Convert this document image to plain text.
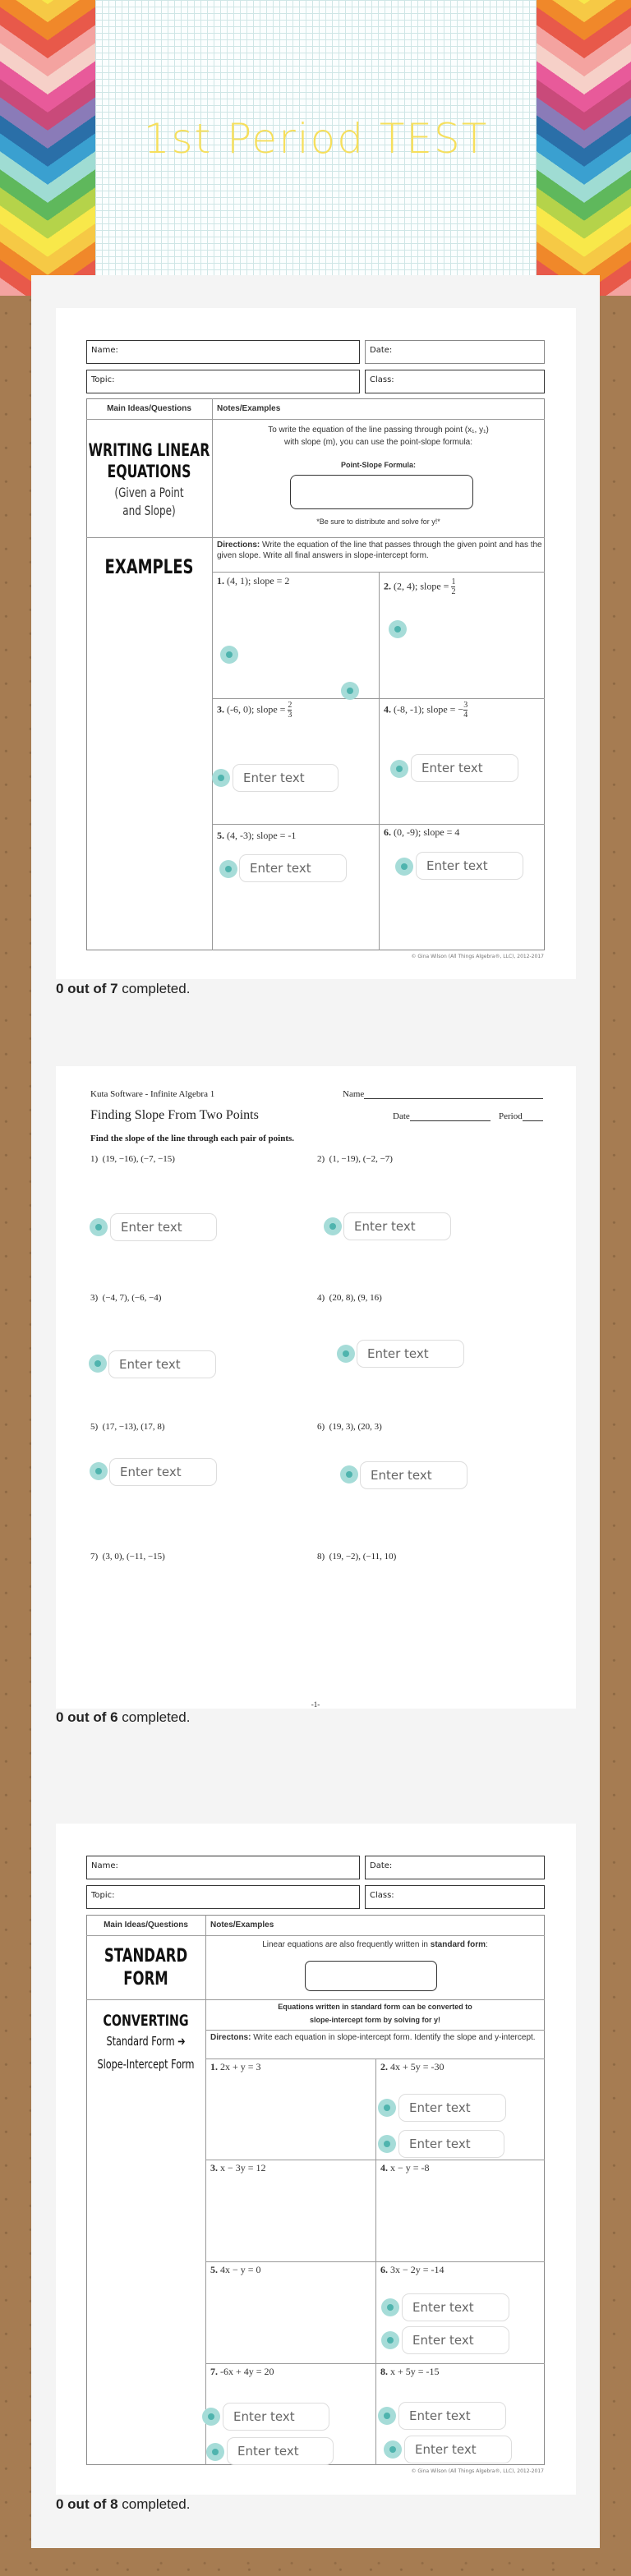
1st Period TEST
Name:	Date:
Topic:	Class:
Main Ideas/Questions	Notes/Examples
WRITING LINEAR
EQUATIONS
(Given a Point
and Slope)
To write the equation of the line passing through point (x₁, y₁)
with slope (m), you can use the point-slope formula:
Point-Slope Formula:
*Be sure to distribute and solve for y!*
EXAMPLES
Directions: Write the equation of the line that passes through the given point and has the given slope. Write all final answers in slope-intercept form.
1. (4, 1); slope = 2	2. (2, 4); slope = $\frac{1}{2}$
3. (-6, 0); slope = $\frac{2}{3}$	4. (-8, -1); slope = − $\frac{3}{4}$
5. (4, -3); slope = -1	6. (0, -9); slope = 4
Enter text
Enter text
Enter text	Enter text
© Gina Wilson (All Things Algebra®, LLC), 2012-2017
0 out of 7 completed.
Kuta Software - Infinite Algebra 1	Name
Finding Slope From Two Points	Date	Period
Find the slope of the line through each pair of points.
1) (19, −16), (−7, −15)	2) (1, −19), (−2, −7)
3) (−4, 7), (−6, −4)	4) (20, 8), (9, 16)
5) (17, −13), (17, 8)	6) (19, 3), (20, 3)
7) (3, 0), (−11, −15)	8) (19, −2), (−11, 10)
Enter text	Enter text
Enter text
Enter text
Enter text	Enter text
-1-
0 out of 6 completed.
Name:	Date:
Topic:	Class:
Main Ideas/Questions	Notes/Examples
STANDARD
FORM
Linear equations are also frequently written in standard form:
CONVERTING
Standard Form ➔
Slope-Intercept Form
Equations written in standard form can be converted to
slope-intercept form by solving for y!
Directons: Write each equation in slope-intercept form. Identify the slope and y-intercept.
1. 2x + y = 3	2. 4x + 5y = -30
3. x − 3y = 12	4. x − y = -8
5. 4x − y = 0	6. 3x − 2y = -14
7. -6x + 4y = 20	8. x + 5y = -15
Enter text
Enter text
Enter text
Enter text
Enter text
Enter text
Enter text
Enter text
© Gina Wilson (All Things Algebra®, LLC), 2012-2017
0 out of 8 completed.
